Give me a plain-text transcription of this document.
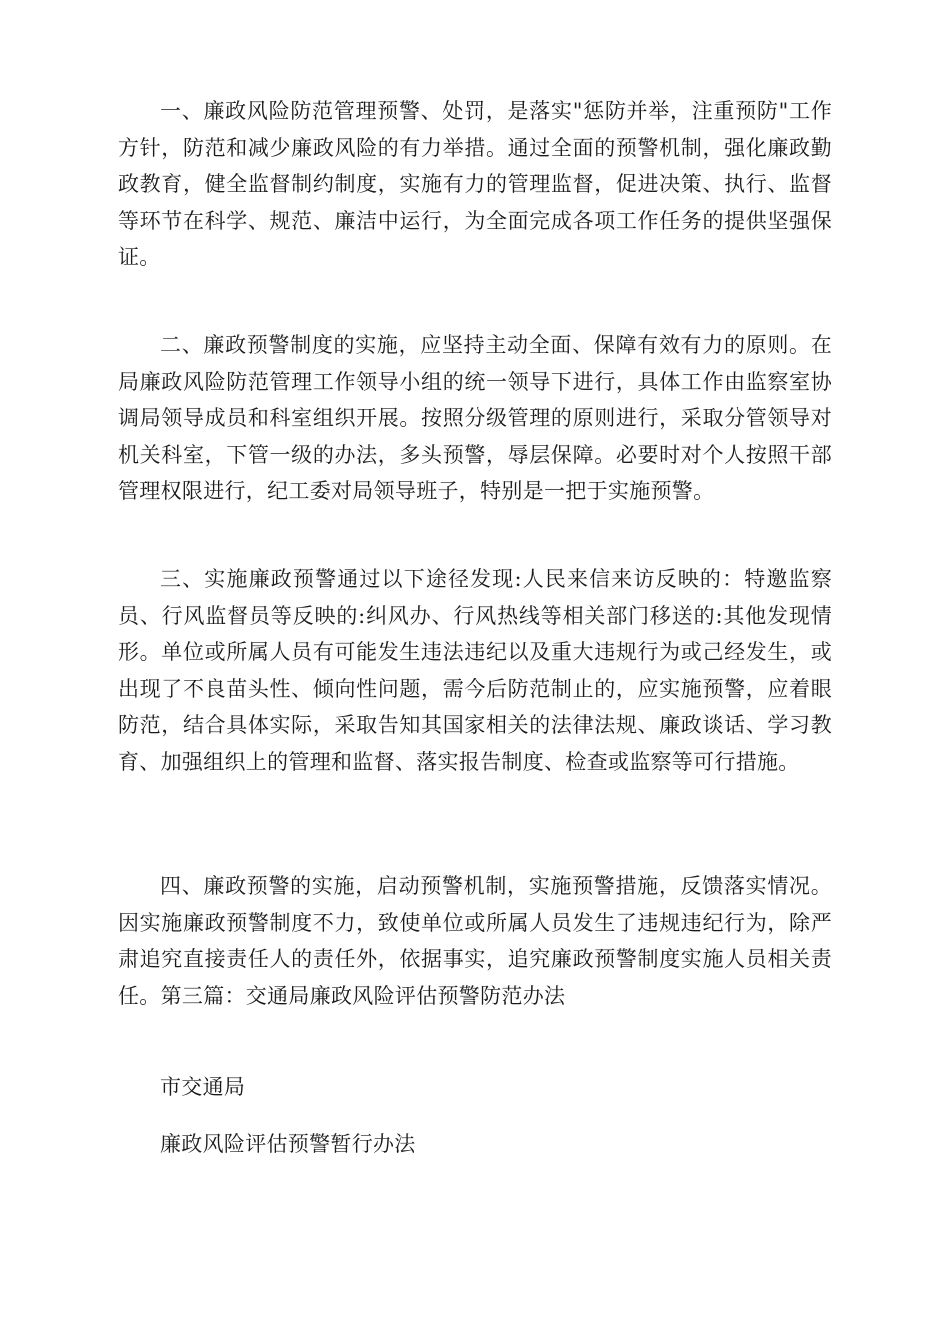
一、廉政风险防范管理预警、处罚，是落实"惩防并举，注重预防"工作方针，防范和减少廉政风险的有力举措。通过全面的预警机制，强化廉政勤政教育，健全监督制约制度，实施有力的管理监督，促进决策、执行、监督等环节在科学、规范、廉洁中运行，为全面完成各项工作任务的提供坚强保证。

二、廉政预警制度的实施，应坚持主动全面、保障有效有力的原则。在局廉政风险防范管理工作领导小组的统一领导下进行，具体工作由监察室协调局领导成员和科室组织开展。按照分级管理的原则进行，采取分管领导对机关科室，下管一级的办法，多头预警，辱层保障。必要时对个人按照干部管理权限进行，纪工委对局领导班子，特别是一把于实施预警。

三、实施廉政预警通过以下途径发现:人民来信来访反映的：特邀监察员、行风监督员等反映的:纠风办、行风热线等相关部门移送的:其他发现情形。单位或所属人员有可能发生违法违纪以及重大违规行为或己经发生，或出现了不良苗头性、倾向性问题，需今后防范制止的，应实施预警，应着眼防范，结合具体实际，采取告知其国家相关的法律法规、廉政谈话、学习教育、加强组织上的管理和监督、落实报告制度、检查或监察等可行措施。

四、廉政预警的实施，启动预警机制，实施预警措施，反馈落实情况。因实施廉政预警制度不力，致使单位或所属人员发生了违规违纪行为，除严肃追究直接责任人的责任外，依据事实，追究廉政预警制度实施人员相关责任。第三篇：交通局廉政风险评估预警防范办法

市交通局

廉政风险评估预警暂行办法
